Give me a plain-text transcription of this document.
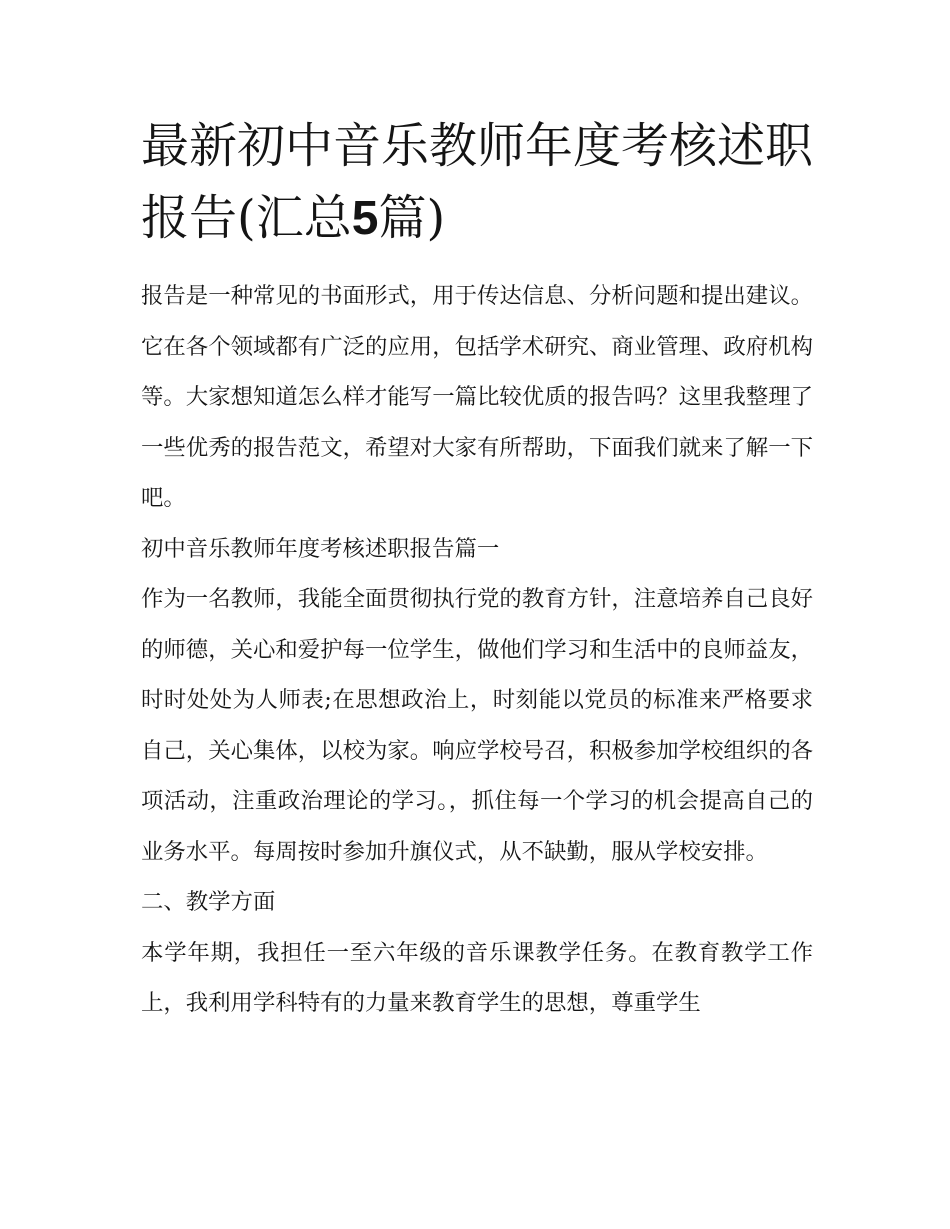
最新初中音乐教师年度考核述职报告(汇总5篇)

报告是一种常见的书面形式，用于传达信息、分析问题和提出建议。它在各个领域都有广泛的应用，包括学术研究、商业管理、政府机构等。大家想知道怎么样才能写一篇比较优质的报告吗？这里我整理了一些优秀的报告范文，希望对大家有所帮助，下面我们就来了解一下吧。

初中音乐教师年度考核述职报告篇一

作为一名教师，我能全面贯彻执行党的教育方针，注意培养自己良好的师德，关心和爱护每一位学生，做他们学习和生活中的良师益友，时时处处为人师表;在思想政治上，时刻能以党员的标准来严格要求自己，关心集体，以校为家。响应学校号召，积极参加学校组织的各项活动，注重政治理论的学习。，抓住每一个学习的机会提高自己的业务水平。每周按时参加升旗仪式，从不缺勤，服从学校安排。

二、教学方面

本学年期，我担任一至六年级的音乐课教学任务。在教育教学工作上，我利用学科特有的力量来教育学生的思想，尊重学生
